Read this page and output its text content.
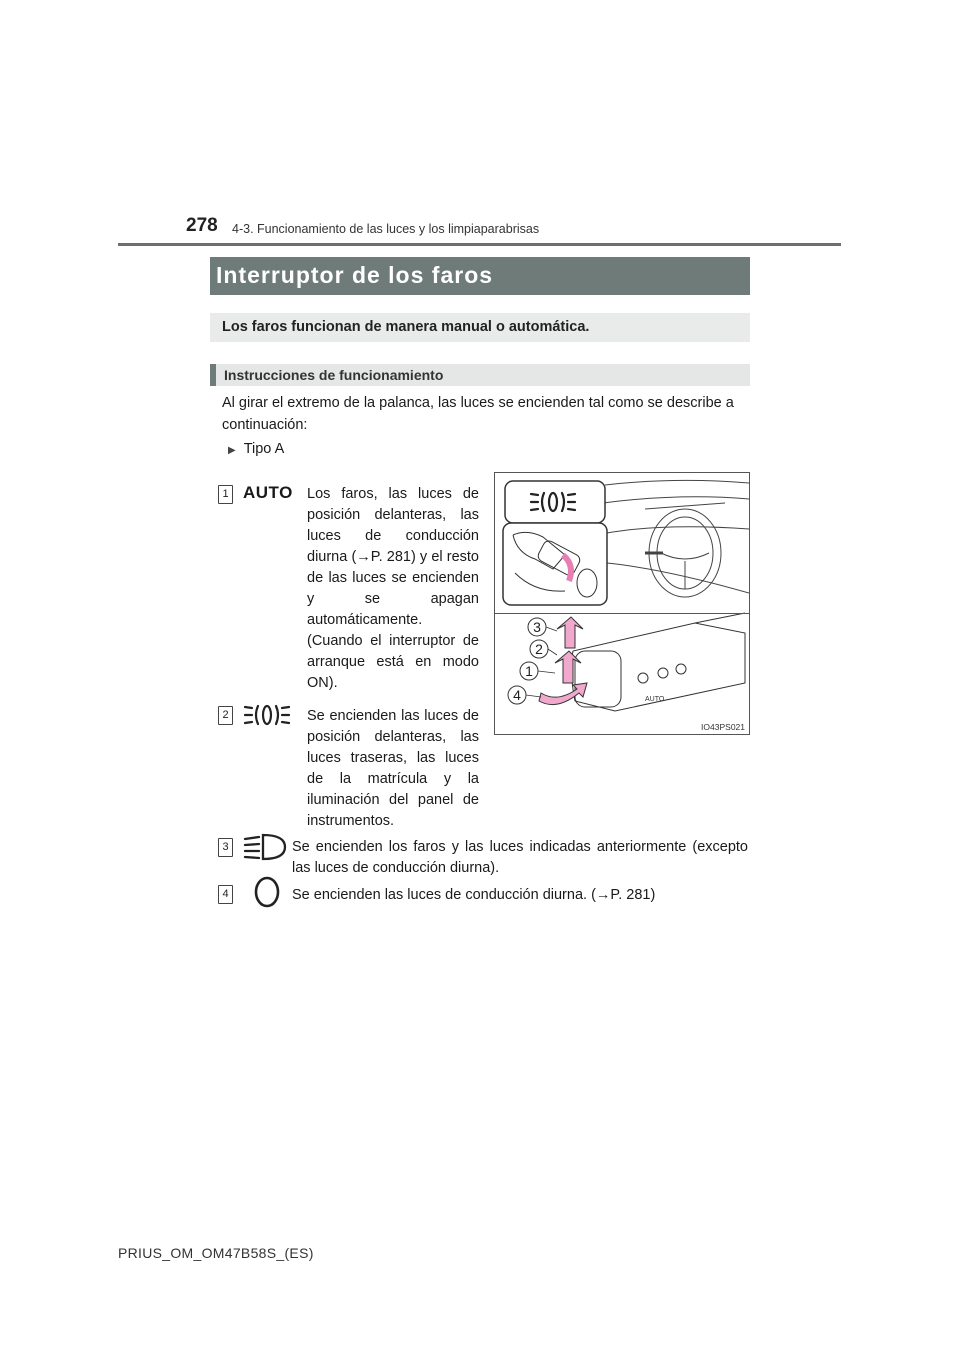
278 4-3. Funcionamiento de las luces y los limpiaparabrisas
Interruptor de los faros
Los faros funcionan de manera manual o automática.
Instrucciones de funcionamiento
Al girar el extremo de la palanca, las luces se encienden tal como se describe a continuación:
▶ Tipo A
1 AUTO Los faros, las luces de posición delanteras, las luces de conducción diurna (→P. 281) y el resto de las luces se encienden y se apagan automáticamente. (Cuando el interruptor de arranque está en modo ON).
2	Se encienden las luces de posición delanteras, las luces traseras, las luces de la matrícula y la iluminación del panel de instrumentos.
3	Se encienden los faros y las luces indicadas anteriormente (excepto las luces de conducción diurna).
4	Se encienden las luces de conducción diurna. (→P. 281)
AUTO
3
2
1
4
IO43PS021
PRIUS_OM_OM47B58S_(ES)
